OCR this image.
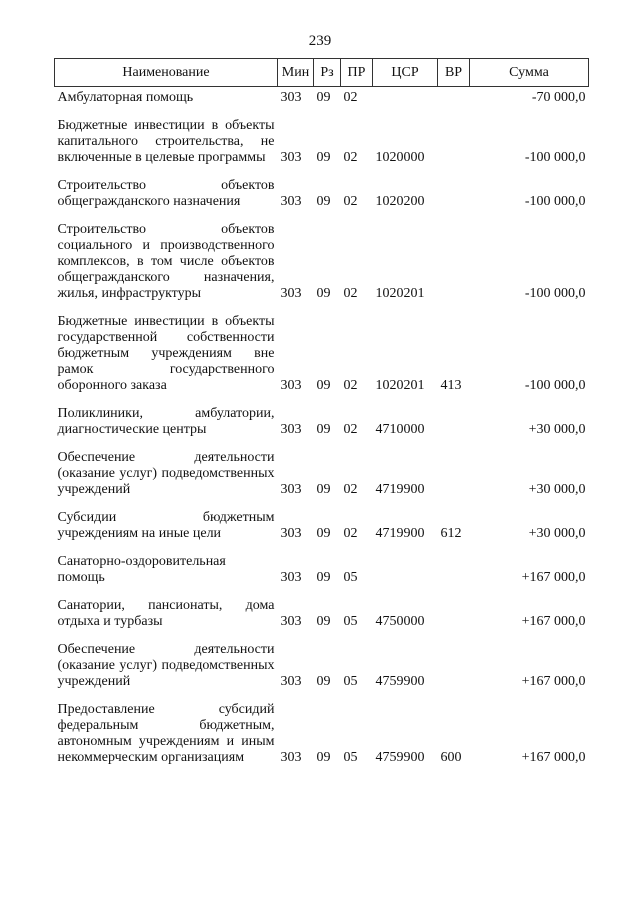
239
Наименование	Мин	Рз	ПР	ЦСР	ВР	Сумма
Амбулаторная помощь	303	09	02			-70 000,0
Бюджетные инвестиции в объекты капитального строительства, не включенные в целевые программы	303	09	02	1020000		-100 000,0
Строительство объектов общегражданского назначения	303	09	02	1020200		-100 000,0
Строительство объектов социального и производственного комплексов, в том числе объектов общегражданского назначения, жилья, инфраструктуры	303	09	02	1020201		-100 000,0
Бюджетные инвестиции в объекты государственной собственности бюджетным учреждениям вне рамок государственного оборонного заказа	303	09	02	1020201	413	-100 000,0
Поликлиники, амбулатории, диагностические центры	303	09	02	4710000		+30 000,0
Обеспечение деятельности (оказание услуг) подведомственных учреждений	303	09	02	4719900		+30 000,0
Субсидии бюджетным учреждениям на иные цели	303	09	02	4719900	612	+30 000,0
Санаторно-оздоровительная помощь	303	09	05			+167 000,0
Санатории, пансионаты, дома отдыха и турбазы	303	09	05	4750000		+167 000,0
Обеспечение деятельности (оказание услуг) подведомственных учреждений	303	09	05	4759900		+167 000,0
Предоставление субсидий федеральным бюджетным, автономным учреждениям и иным некоммерческим организациям	303	09	05	4759900	600	+167 000,0
